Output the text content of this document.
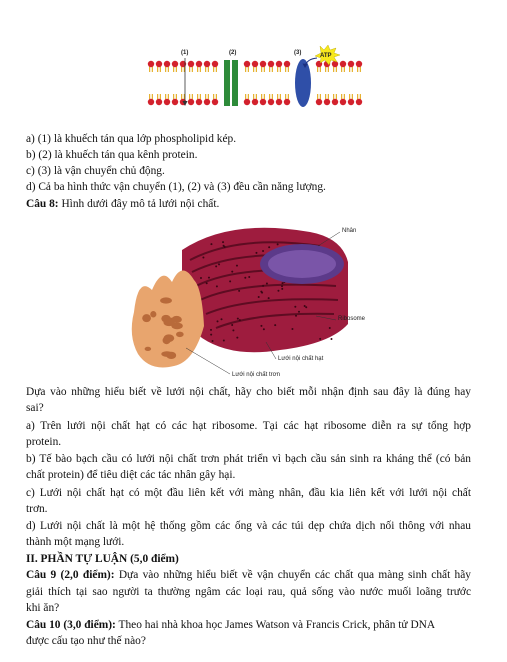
(1)	(2)	(3)	ATP
a) (1) là khuếch tán qua lớp phospholipid kép.
b) (2) là khuếch tán qua kênh protein.
c) (3) là vận chuyển chủ động.
d) Cả ba hình thức vận chuyển (1), (2) và (3) đều cần năng lượng.
Câu 8: Hình dưới đây mô tả lưới nội chất.
Nhân
Ribosome
Lưới nội chất hạt
Lưới nội chất trơn
Dựa vào những hiểu biết về lưới nội chất, hãy cho biết mỗi nhận định sau đây là đúng hay
sai?
a) Trên lưới nội chất hạt có các hạt ribosome. Tại các hạt ribosome diễn ra sự tổng hợp
protein.
b) Tế bào bạch cầu có lưới nội chất trơn phát triển vì bạch cầu sản sinh ra kháng thể (có bản
chất protein) để tiêu diệt các tác nhân gây hại.
c) Lưới nội chất hạt có một đầu liên kết với màng nhân, đầu kia liên kết với lưới nội chất
trơn.
d) Lưới nội chất là một hệ thống gồm các ống và các túi dẹp chứa dịch nối thông với nhau
thành một mạng lưới.
II. PHẦN TỰ LUẬN (5,0 điểm)
Câu 9 (2,0 điểm): Dựa vào những hiểu biết về vận chuyển các chất qua màng sinh chất hãy
giải thích tại sao người ta thường ngâm các loại rau, quả sống vào nước muối loãng trước
khi ăn?
Câu 10 (3,0 điểm): Theo hai nhà khoa học James Watson và Francis Crick, phân tử DNA
được cấu tạo như thế nào?
